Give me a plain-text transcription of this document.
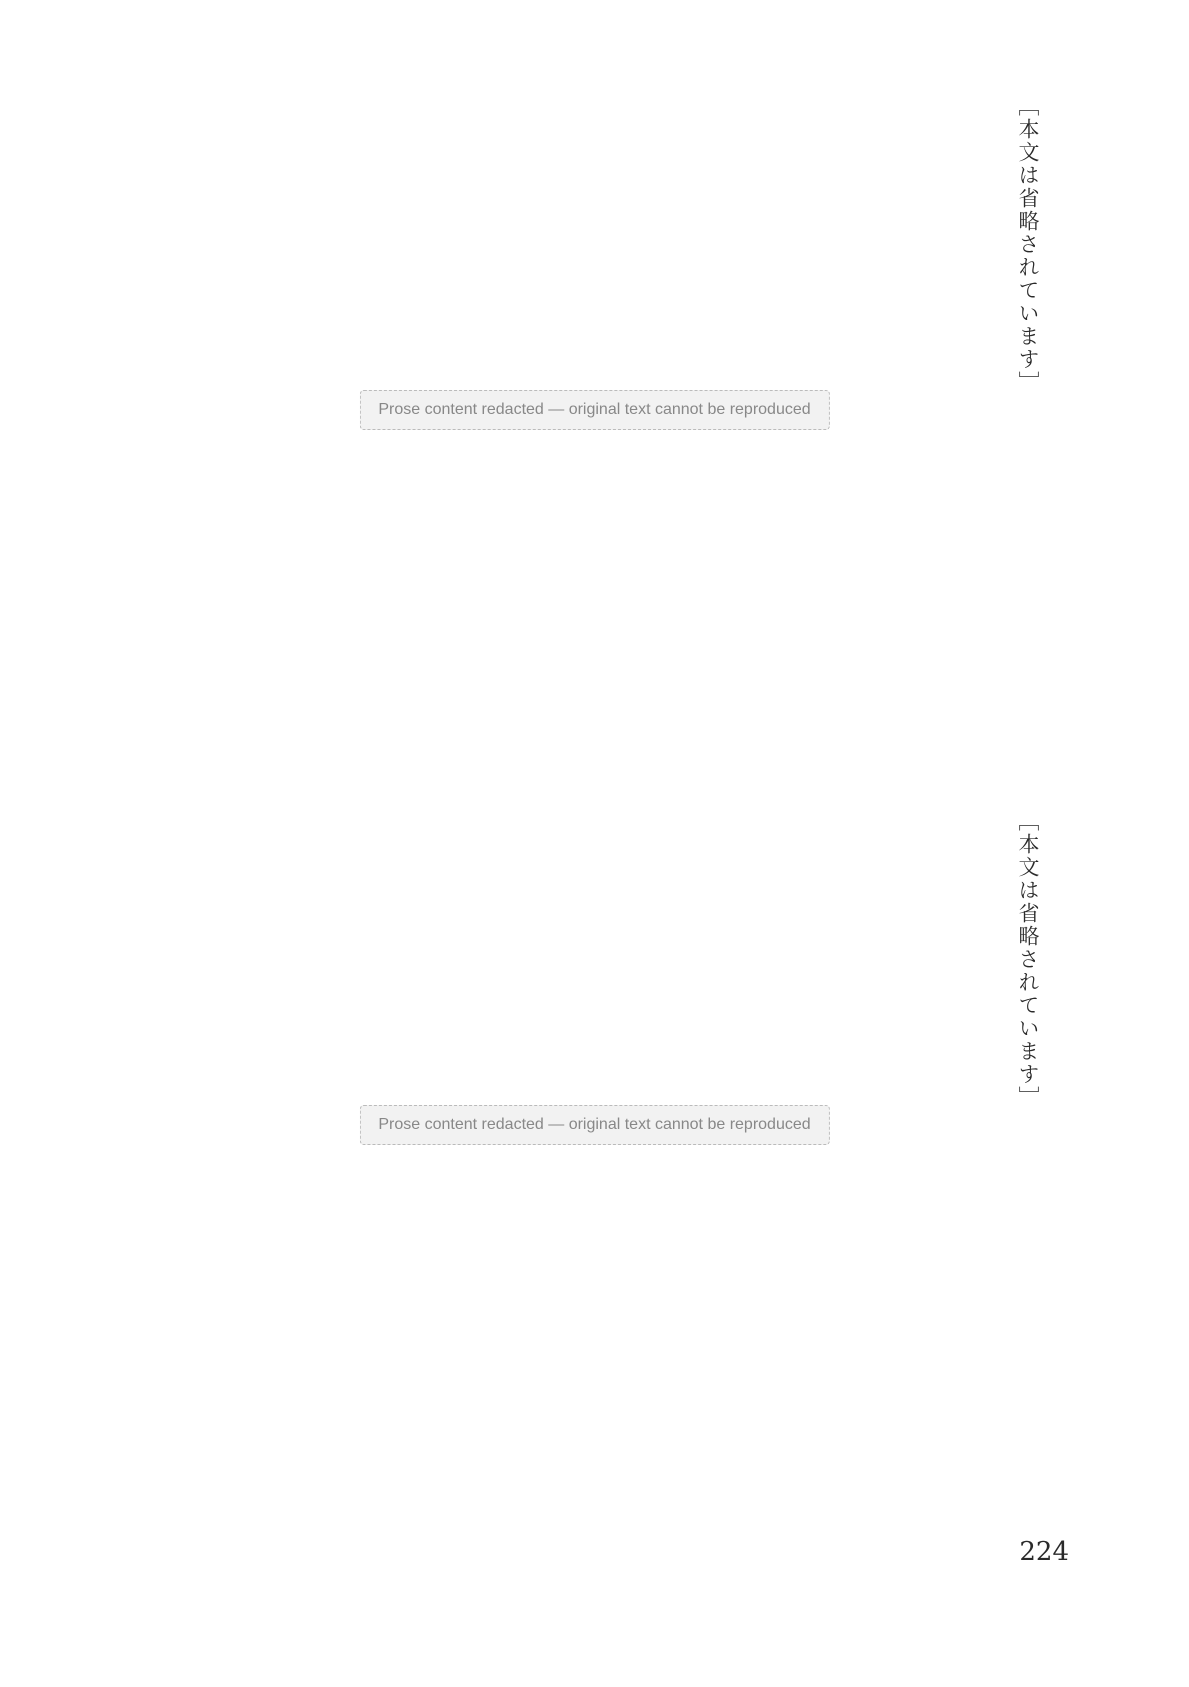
［本文は省略されています］
Prose content redacted — original text cannot be reproduced
［本文は省略されています］
Prose content redacted — original text cannot be reproduced
224
